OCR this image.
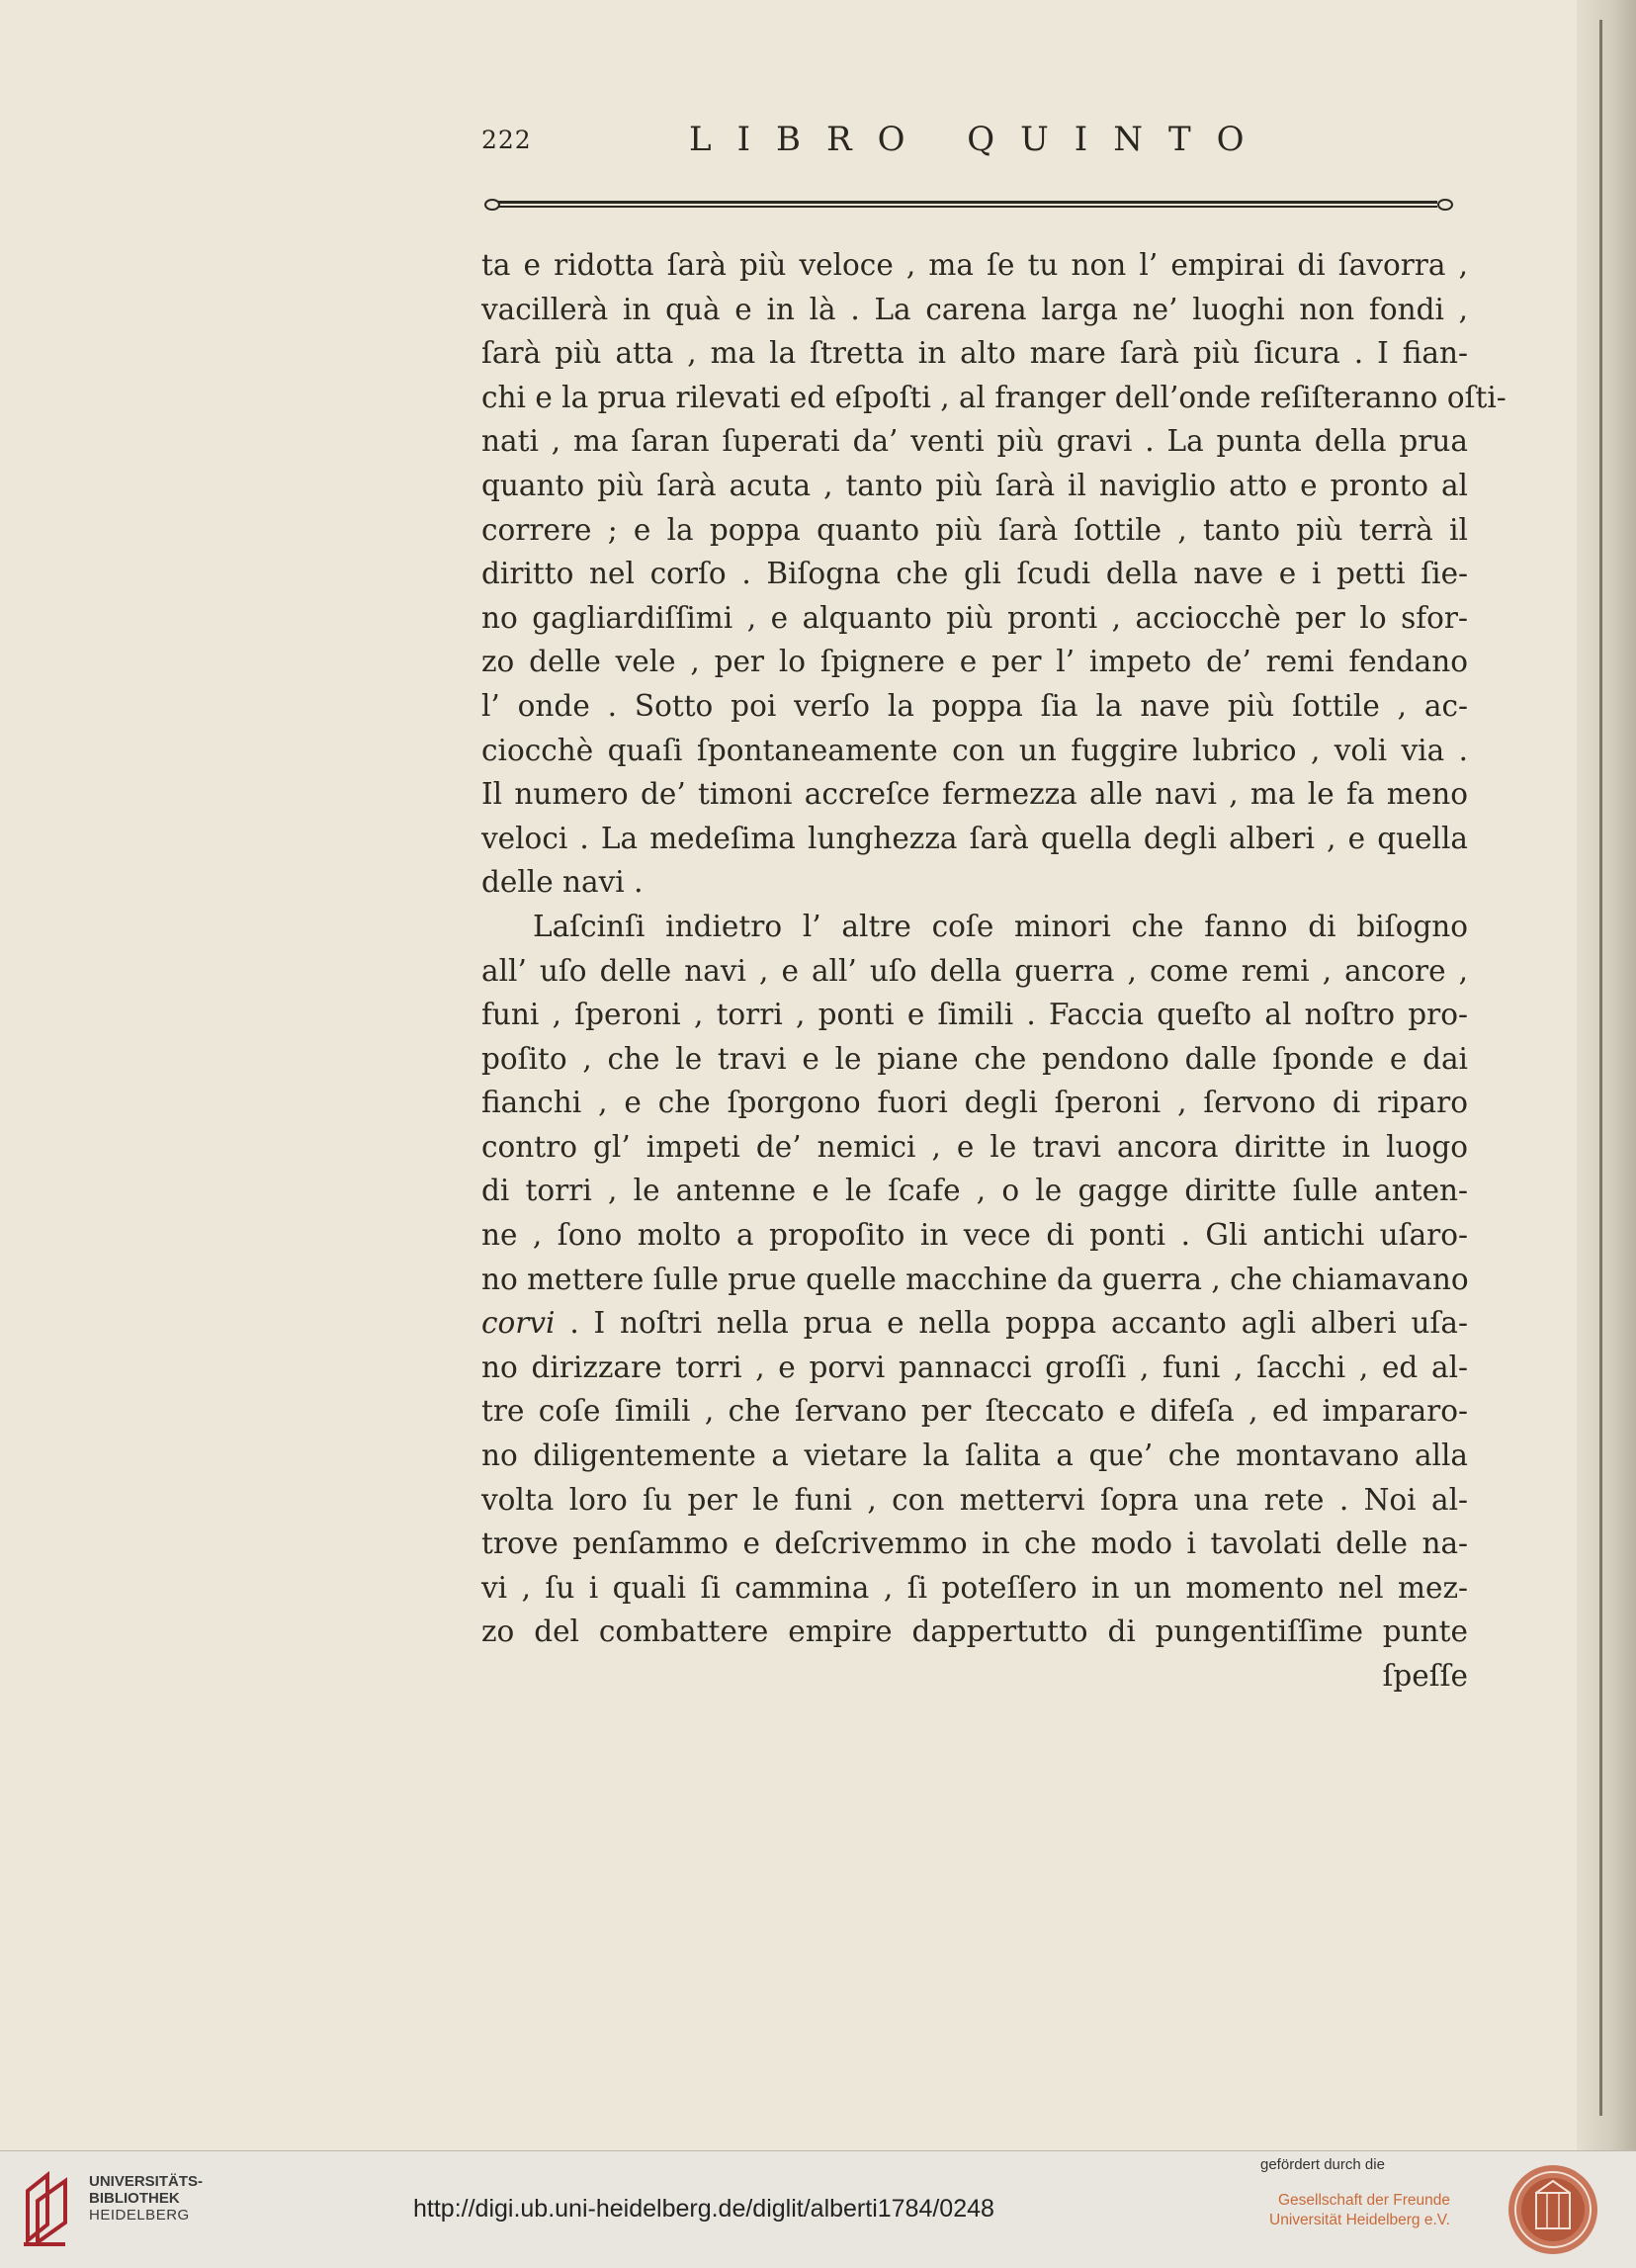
222	LIBRO QUINTO
ta e ridotta ſarà più veloce , ma ſe tu non l’ empirai di ſavorra ,
vacillerà in quà e in là . La carena larga ne’ luoghi non fondi ,
ſarà più atta , ma la ſtretta in alto mare ſarà più ſicura . I fian-
chi e la prua rilevati ed eſpoſti , al franger dell’onde reſiſteranno oſti-
nati , ma ſaran ſuperati da’ venti più gravi . La punta della prua
quanto più ſarà acuta , tanto più ſarà il naviglio atto e pronto al
correre ; e la poppa quanto più ſarà ſottile , tanto più terrà il
diritto nel corſo . Biſogna che gli ſcudi della nave e i petti ſie-
no gagliardiſſimi , e alquanto più pronti , acciocchè per lo sfor-
zo delle vele , per lo ſpignere e per l’ impeto de’ remi fendano
l’ onde . Sotto poi verſo la poppa ſia la nave più ſottile , ac-
ciocchè quaſi ſpontaneamente con un fuggire lubrico , voli via .
Il numero de’ timoni accreſce fermezza alle navi , ma le fa meno
veloci . La medeſima lunghezza ſarà quella degli alberi , e quella
delle navi .
Laſcinſi indietro l’ altre coſe minori che fanno di biſogno
all’ uſo delle navi , e all’ uſo della guerra , come remi , ancore ,
funi , ſperoni , torri , ponti e ſimili . Faccia queſto al noſtro pro-
poſito , che le travi e le piane che pendono dalle ſponde e dai
fianchi , e che ſporgono fuori degli ſperoni , ſervono di riparo
contro gl’ impeti de’ nemici , e le travi ancora diritte in luogo
di torri , le antenne e le ſcafe , o le gagge diritte ſulle anten-
ne , ſono molto a propoſito in vece di ponti . Gli antichi uſaro-
no mettere ſulle prue quelle macchine da guerra , che chiamavano
corvi . I noſtri nella prua e nella poppa accanto agli alberi uſa-
no dirizzare torri , e porvi pannacci groſſi , funi , ſacchi , ed al-
tre coſe ſimili , che ſervano per ſteccato e difeſa , ed impararo-
no diligentemente a vietare la ſalita a que’ che montavano alla
volta loro ſu per le funi , con mettervi ſopra una rete . Noi al-
trove penſammo e deſcrivemmo in che modo i tavolati delle na-
vi , ſu i quali ſi cammina , ſi poteſſero in un momento nel mez-
zo del combattere empire dappertutto di pungentiſſime punte
ſpeſſe
UNIVERSITÄTS-
BIBLIOTHEK
HEIDELBERG	http://digi.ub.uni-heidelberg.de/diglit/alberti1784/0248
gefördert durch die
Gesellschaft der Freunde
Universität Heidelberg e.V.
